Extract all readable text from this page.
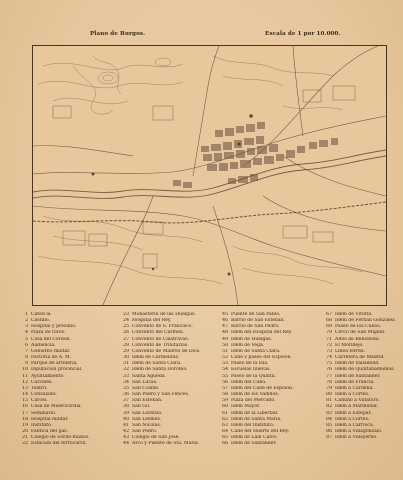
Plano de Burgos.	Escala de 1 por 10.000.
1 Cated al.
2 Castillo.
3 Hospital y presidio.
4 Plaza de toros.
5 Casa del Cordón.
6 Audiencia.
7 Gobierno militar.
8 Factoría de A. M.
9 Parque de artillería.
10 Diputación provincial.
11 Ayuntamiento.
12 Cárceles.
13 Teatro.
14 Consulado.
15 Cárcel.
16 Casa de Misericordia.
17 Seminario.
18 Hospital militar.
19 Instituto.
20 Fábrica del gas.
21 Colegio de Sordo-mudos.
22 Estación del ferrocarril.
23 Monasterio de las Huelgas.
24 Hospital del Rey.
25 Convento de S. Francisco.
26 Convento del Carmen.
27 Convento de Calatravas.
28 Convento de Trinitarias.
29 Convento de Madres de Dios.
30 Idem de Carmelitas.
31 Idem de Santa Clara.
32 Idem de Santa Dorotea.
33 Santa Agueda.
34 San Lucas.
35 San Cosme.
36 San Pedro y San Felices.
37 San Esteban.
38 San Gil.
39 San Lorenzo.
40 San Lesmes.
41 San Nicolás.
42 San Pedro.
43 Colegio de San José.
44 Arco y Puente de Sta. María.
45 Puente de San Pablo.
46 Barrio de San Esteban.
47 Barrio de San Pedro.
48 Idem del Hospital del Rey.
49 Idem de Huelgas.
50 Idem de Vega.
51 Idem de Santa Clara.
52 Calle y paseo del Espolón.
53 Paseo de la Isla.
54 Escuelas nuevas.
55 Paseo de la Quinta.
56 Idem del Cubo.
57 Idem del Calle de Espolón.
58 Idem de los Vadillos.
59 Plaza del Mercado.
60 Idem Mayor.
61 Idem de la Libertad.
62 Idem de Santa María.
63 Idem del Instituto.
64 Calle del Huerto del Rey.
65 Idem de Laín Calvo.
66 Idem de Santander.
67 Idem de Vitoria.
68 Idem de Fernán González.
69 Paseo de los Cubos.
70 Cerco de San Miguel.
71 Altos de Rebolleda.
72 El Morillejo.
73 Línea férrea.
74 Carretera de Madrid.
75 Idem de Valladolid.
76 Idem de Quintanadueñas.
77 Idem de Santander.
78 Idem de Francia.
79 Idem á Cardeña.
80 Idem á Cortes.
81 Camino á Villatoro.
82 Idem á Marmellar.
83 Idem á Estépar.
84 Idem á Cortes.
85 Idem á Carrioca.
86 Idem á Villagonzalo.
87 Idem á Villayerno.
